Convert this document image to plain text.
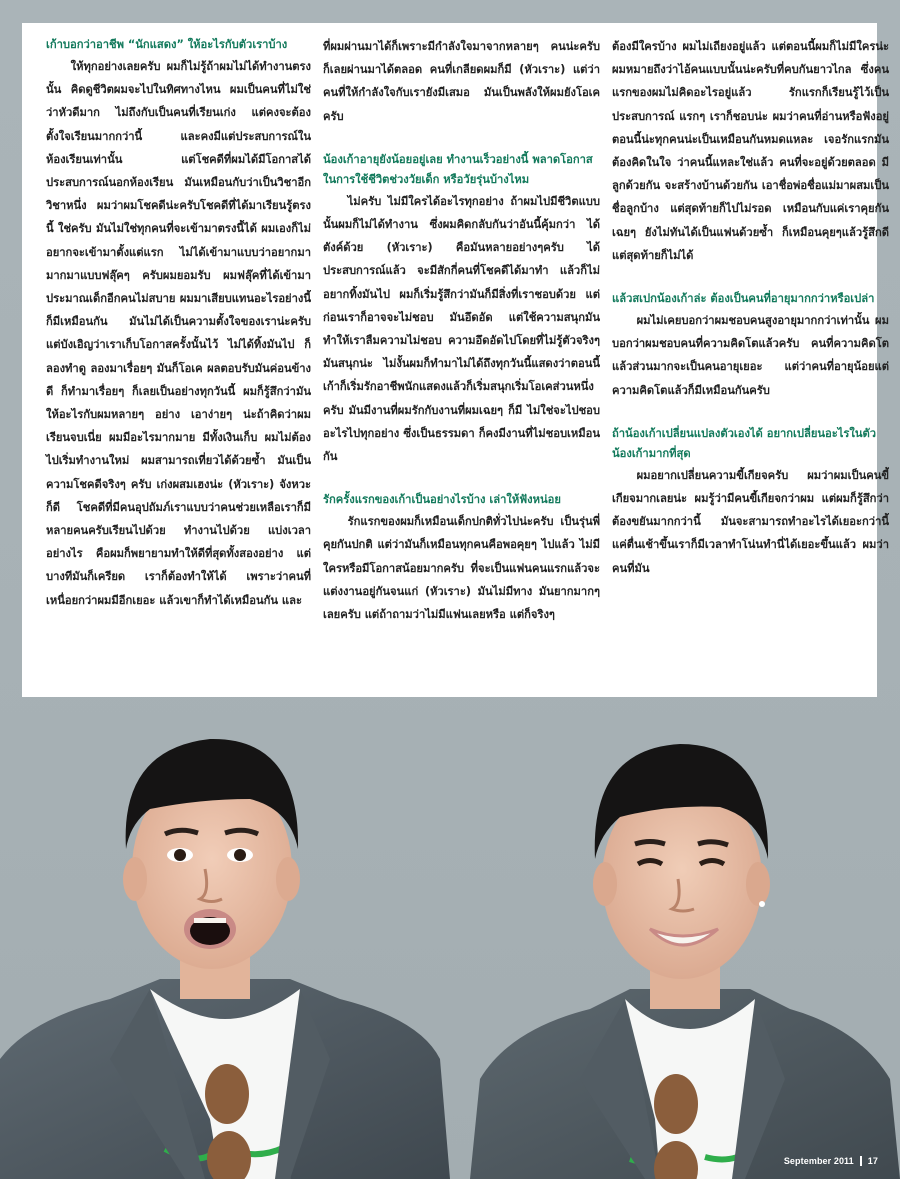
เก้าบอกว่าอาชีพ “นักแสดง” ให้อะไรกับตัวเราบ้าง

ให้ทุกอย่างเลยครับ ผมก็ไม่รู้ถ้าผมไม่ได้ทำงานตรงนั้น คิดดูชีวิตผมจะไปในทิศทางไหน ผมเป็นคนที่ไม่ใช่ว่าหัวดีมาก ไม่ถึงกับเป็นคนที่เรียนเก่ง แต่คงจะต้องตั้งใจเรียนมากกว่านี้ และคงมีแต่ประสบการณ์ในห้องเรียนเท่านั้น แต่โชคดีที่ผมได้มีโอกาสได้ประสบการณ์นอกห้องเรียน มันเหมือนกับว่าเป็นวิชาอีกวิชาหนึ่ง ผมว่าผมโชคดีน่ะครับโชคดีที่ได้มาเรียนรู้ตรงนี้ ใช่ครับ มันไม่ใช่ทุกคนที่จะเข้ามาตรงนี้ได้ ผมเองก็ไม่อยากจะเข้ามาตั้งแต่แรก ไม่ได้เข้ามาแบบว่าอยากมามากมาแบบฟลุ๊คๆ ครับผมยอมรับ ผมฟลุ๊คที่ได้เข้ามา ประมาณเด็กอีกคนไม่สบาย ผมมาเสียบแทนอะไรอย่างนี้ก็มีเหมือนกัน มันไม่ได้เป็นความตั้งใจของเราน่ะครับ แต่บังเอิญว่าเราเก็บโอกาสครั้งนั้นไว้ ไม่ได้ทิ้งมันไป ก็ลองทำดู ลองมาเรื่อยๆ มันก็โอเค ผลตอบรับมันค่อนข้างดี ก็ทำมาเรื่อยๆ ก็เลยเป็นอย่างทุกวันนี้ ผมก็รู้สึกว่ามันให้อะไรกับผมหลายๆ อย่าง เอาง่ายๆ น่ะถ้าคิดว่าผมเรียนจบเนี่ย ผมมีอะไรมากมาย มีทั้งเงินเก็บ ผมไม่ต้องไปเริ่มทำงานใหม่ ผมสามารถเที่ยวได้ด้วยซ้ำ มันเป็นความโชคดีจริงๆ ครับ เก่งผสมเฮงน่ะ (หัวเราะ) จังหวะก็ดี โชคดีที่มีคนอุปถัมภ์เราแบบว่าคนช่วยเหลือเราก็มีหลายคนครับเรียนไปด้วย ทำงานไปด้วย แบ่งเวลาอย่างไร คือผมก็พยายามทำให้ดีที่สุดทั้งสองอย่าง แต่บางทีมันก็เครียด เราก็ต้องทำให้ได้ เพราะว่าคนที่เหนื่อยกว่าผมมีอีกเยอะ แล้วเขาก็ทำได้เหมือนกัน และ

ที่ผมผ่านมาได้ก็เพราะมีกำลังใจมาจากหลายๆ คนน่ะครับ ก็เลยผ่านมาได้ตลอด คนที่เกลียดผมก็มี (หัวเราะ) แต่ว่าคนที่ให้กำลังใจกับเรายังมีเสมอ มันเป็นพลังให้ผมยังโอเคครับ

น้องเก้าอายุยังน้อยอยู่เลย ทำงานเร็วอย่างนี้ พลาดโอกาสในการใช้ชีวิตช่วงวัยเด็ก หรือวัยรุ่นบ้างไหม

ไม่ครับ ไม่มีใครได้อะไรทุกอย่าง ถ้าผมไปมีชีวิตแบบนั้นผมก็ไม่ได้ทำงาน ซึ่งผมคิดกลับกันว่าอันนี้คุ้มกว่า ได้ตังค์ด้วย (หัวเราะ) คือมันหลายอย่างๆครับ ได้ประสบการณ์แล้ว จะมีสักกี่คนที่โชคดีได้มาทำ แล้วก็ไม่อยากทิ้งมันไป ผมก็เริ่มรู้สึกว่ามันก็มีสิ่งที่เราชอบด้วย แต่ก่อนเราก็อาจจะไม่ชอบ มันอึดอัด แต่ใช้ความสนุกมันทำให้เราลืมความไม่ชอบ ความอึดอัดไปโดยที่ไม่รู้ตัวจริงๆ มันสนุกน่ะ ไม่งั้นผมก็ทำมาไม่ได้ถึงทุกวันนี้แสดงว่าตอนนี้เก้าก็เริ่มรักอาชีพนักแสดงแล้วก็เริ่มสนุกเริ่มโอเคส่วนหนึ่งครับ มันมีงานที่ผมรักกับงานที่ผมเฉยๆ ก็มี ไม่ใช่จะไปชอบอะไรไปทุกอย่าง ซึ่งเป็นธรรมดา ก็คงมีงานที่ไม่ชอบเหมือนกัน

รักครั้งแรกของเก้าเป็นอย่างไรบ้าง เล่าให้ฟังหน่อย

รักแรกของผมก็เหมือนเด็กปกติทั่วไปน่ะครับ เป็นรุ่นพี่ คุยกันปกติ แต่ว่ามันก็เหมือนทุกคนคือพอคุยๆ ไปแล้ว ไม่มีใครหรือมีโอกาสน้อยมากครับ ที่จะเป็นแฟนคนแรกแล้วจะแต่งงานอยู่กันจนแก่ (หัวเราะ) มันไม่มีทาง มันยากมากๆ เลยครับ แต่ถ้าถามว่าไม่มีแฟนเลยหรือ แต่ก็จริงๆ

ต้องมีใครบ้าง ผมไม่เถียงอยู่แล้ว แต่ตอนนี้ผมก็ไม่มีใครน่ะ ผมหมายถึงว่าไอ้คนแบบนั้นน่ะครับที่คบกันยาวไกล ซึ่งคนแรกของผมไม่คิดอะไรอยู่แล้ว รักแรกก็เรียนรู้ไว้เป็นประสบการณ์ แรกๆ เราก็ชอบน่ะ ผมว่าคนที่อ่านหรือฟังอยู่ตอนนี้น่ะทุกคนน่ะเป็นเหมือนกันหมดแหละ เจอรักแรกมันต้องคิดในใจ ว่าคนนี้แหละใช่แล้ว คนที่จะอยู่ด้วยตลอด มีลูกด้วยกัน จะสร้างบ้านด้วยกัน เอาชื่อพ่อชื่อแม่มาผสมเป็นชื่อลูกบ้าง แต่สุดท้ายก็ไปไม่รอด เหมือนกับแค่เราคุยกันเฉยๆ ยังไม่ทันได้เป็นแฟนด้วยซ้ำ ก็เหมือนคุยๆแล้วรู้สึกดี แต่สุดท้ายก็ไม่ได้

แล้วสเปกน้องเก้าล่ะ ต้องเป็นคนที่อายุมากกว่าหรือเปล่า

ผมไม่เคยบอกว่าผมชอบคนสูงอายุมากกว่าเท่านั้น ผมบอกว่าผมชอบคนที่ความคิดโตแล้วครับ คนที่ความคิดโตแล้วส่วนมากจะเป็นคนอายุเยอะ แต่ว่าคนที่อายุน้อยแต่ความคิดโตแล้วก็มีเหมือนกันครับ

ถ้าน้องเก้าเปลี่ยนแปลงตัวเองได้ อยากเปลี่ยนอะไรในตัวน้องเก้ามากที่สุด

ผมอยากเปลี่ยนความขี้เกียจครับ ผมว่าผมเป็นคนขี้เกียจมากเลยน่ะ ผมรู้ว่ามีคนขี้เกียจกว่าผม แต่ผมก็รู้สึกว่าต้องขยันมากกว่านี้ มันจะสามารถทำอะไรได้เยอะกว่านี้ แค่ตื่นเช้าขึ้นเราก็มีเวลาทำโน่นทำนี่ได้เยอะขึ้นแล้ว ผมว่าคนที่มัน

September 2011 17
